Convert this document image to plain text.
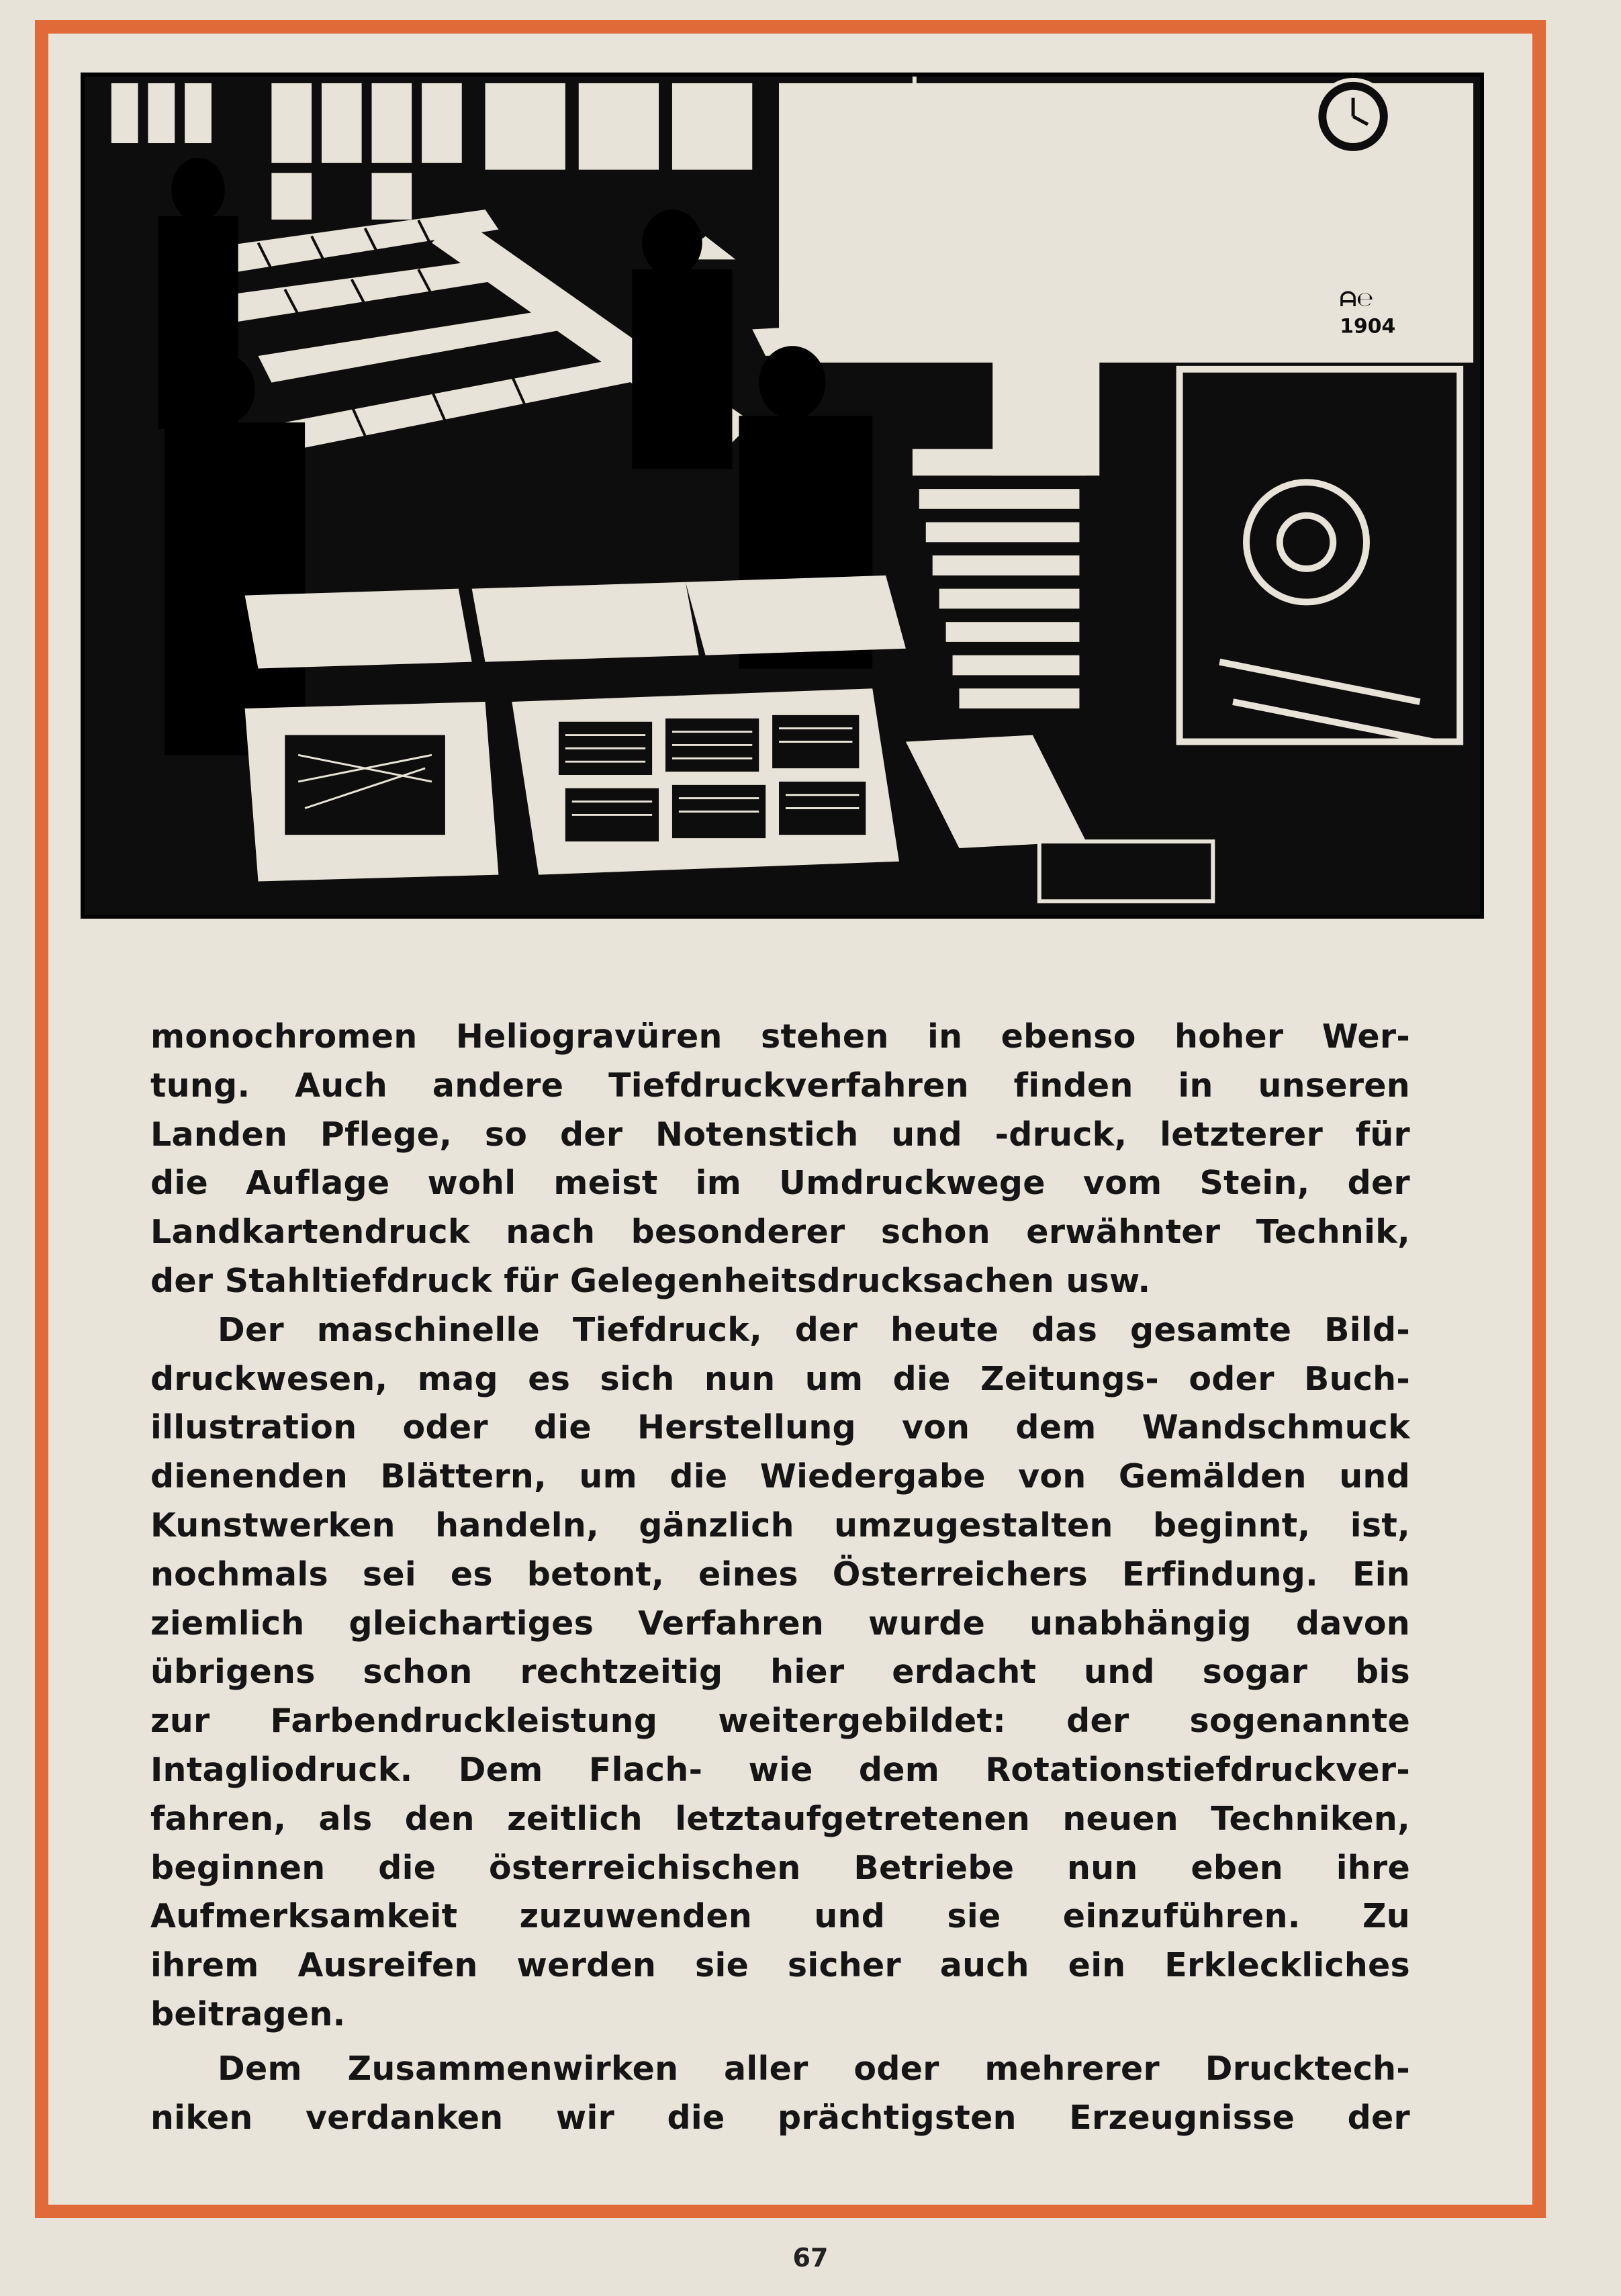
ᗩ℮
1904
monochromen Heliogravüren stehen in ebenso hoher Wer-
tung. Auch andere Tiefdruckverfahren finden in unseren
Landen Pflege, so der Notenstich und -druck, letzterer für
die Auflage wohl meist im Umdruckwege vom Stein, der
Landkartendruck nach besonderer schon erwähnter Technik,
der Stahltiefdruck für Gelegenheitsdrucksachen usw.
Der maschinelle Tiefdruck, der heute das gesamte Bild-
druckwesen, mag es sich nun um die Zeitungs- oder Buch-
illustration oder die Herstellung von dem Wandschmuck
dienenden Blättern, um die Wiedergabe von Gemälden und
Kunstwerken handeln, gänzlich umzugestalten beginnt, ist,
nochmals sei es betont, eines Österreichers Erfindung. Ein
ziemlich gleichartiges Verfahren wurde unabhängig davon
übrigens schon rechtzeitig hier erdacht und sogar bis
zur Farbendruckleistung weitergebildet: der sogenannte
Intagliodruck. Dem Flach- wie dem Rotationstiefdruckver-
fahren, als den zeitlich letztaufgetretenen neuen Techniken,
beginnen die österreichischen Betriebe nun eben ihre
Aufmerksamkeit zuzuwenden und sie einzuführen. Zu
ihrem Ausreifen werden sie sicher auch ein Erkleckliches
beitragen.
Dem Zusammenwirken aller oder mehrerer Drucktech-
niken verdanken wir die prächtigsten Erzeugnisse der
67
